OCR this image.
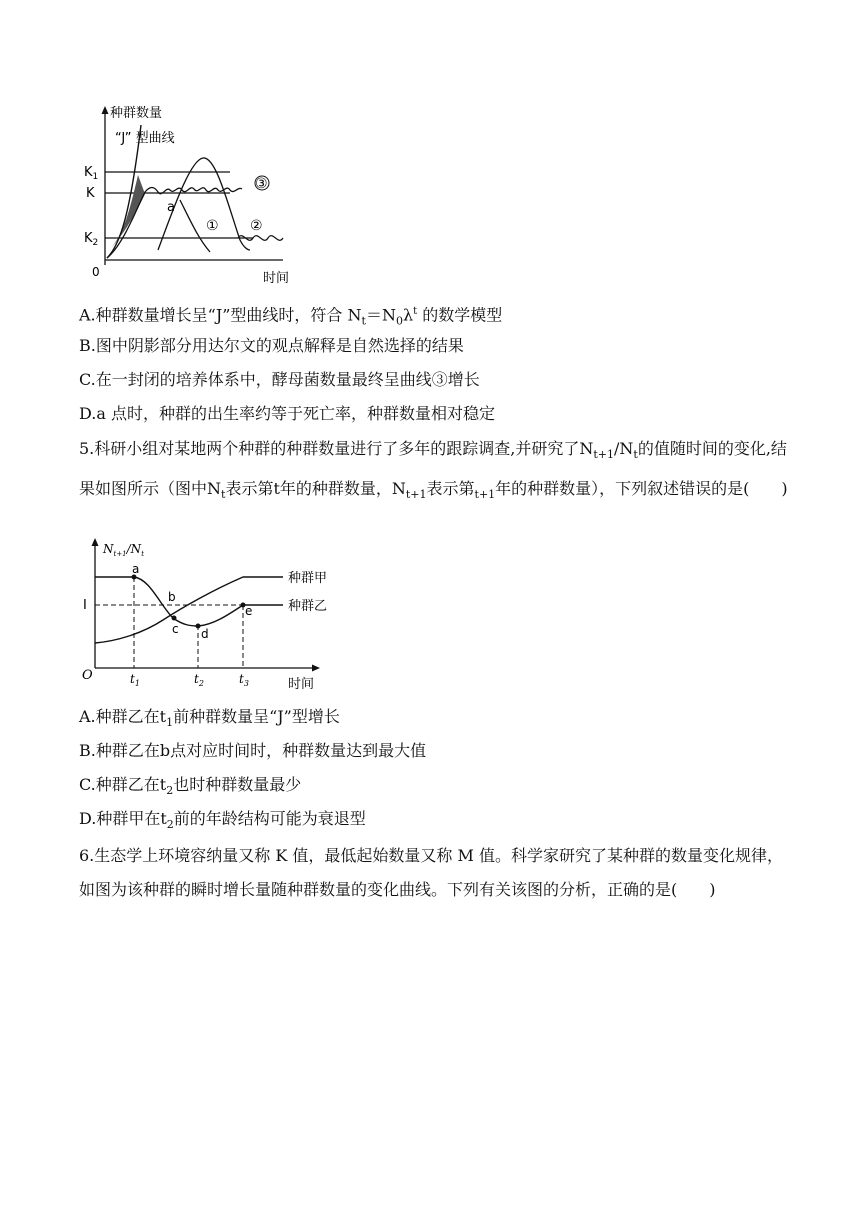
种群数量
“J” 型曲线
0	时间
$K_1$
K
$K_2$
③
a
① ②
A.种群数量增长呈“J”型曲线时，符合 $N_t=N_0\lambda^t$ 的数学模型
B.图中阴影部分用达尔文的观点解释是自然选择的结果
C.在一封闭的培养体系中，酵母菌数量最终呈曲线③增长
D.a 点时，种群的出生率约等于死亡率，种群数量相对稳定
5.科研小组对某地两个种群的种群数量进行了多年的跟踪调查,并研究了$N_{t+1}/N_t$的值随时间的变化,结果如图所示（图中$N_t$表示第t年的种群数量，$N_{t+1}$表示第$_{t+1}$年的种群数量），下列叙述错误的是(　　)
$N_{t+1}/N_t$
O
I
时间
a
b
c d
e
$t_1$	$t_2$	$t_3$
种群甲
种群乙
A.种群乙在$t_1$前种群数量呈“J”型增长
B.种群乙在b点对应时间时，种群数量达到最大值
C.种群乙在$t_2$也时种群数量最少
D.种群甲在$t_2$前的年龄结构可能为衰退型
6.生态学上环境容纳量又称 K 值，最低起始数量又称 M 值。科学家研究了某种群的数量变化规律，如图为该种群的瞬时增长量随种群数量的变化曲线。下列有关该图的分析，正确的是(　　)
